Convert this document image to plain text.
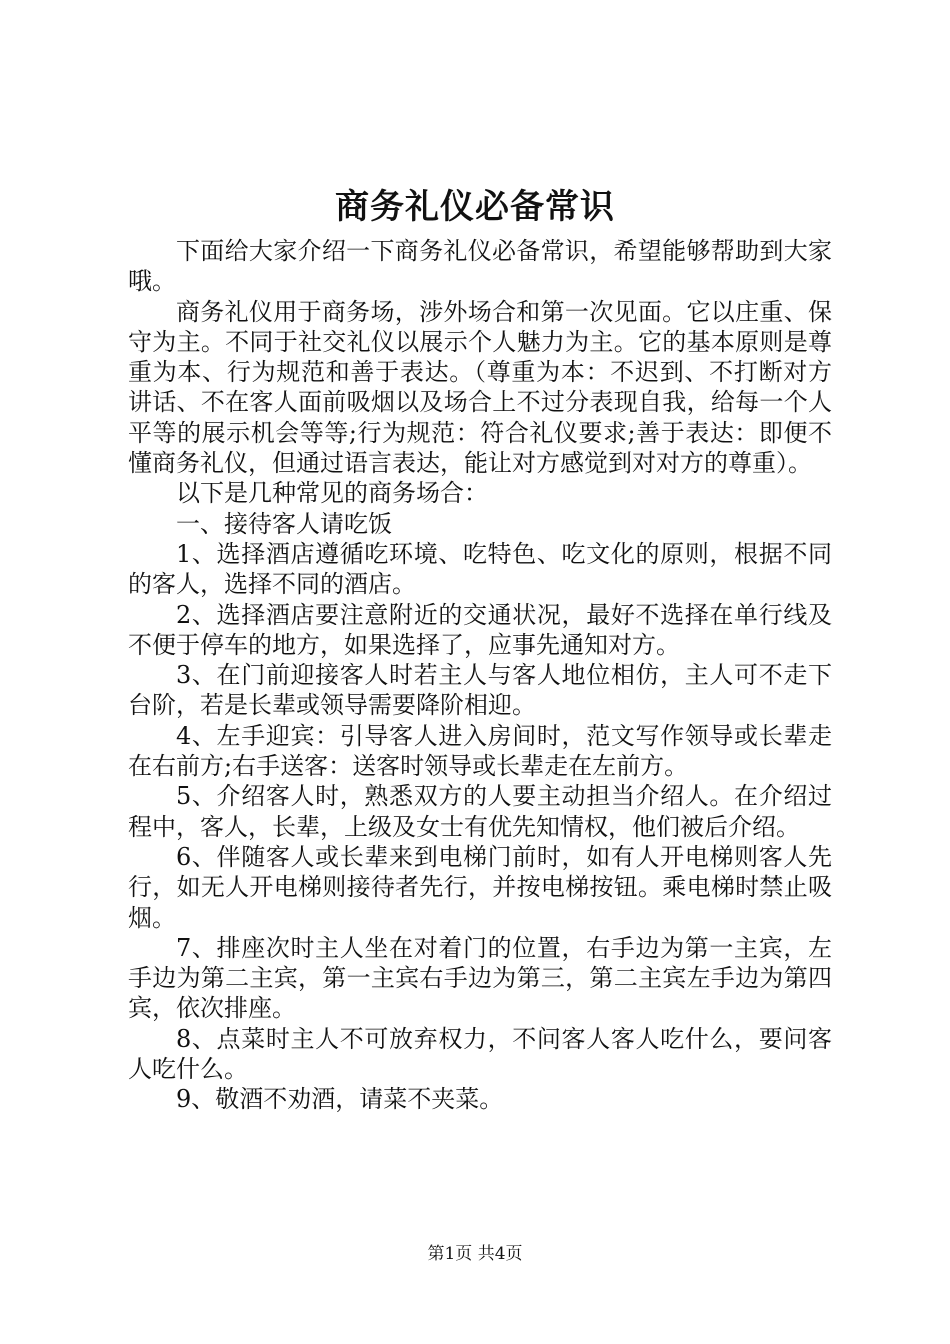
商务礼仪必备常识

下面给大家介绍一下商务礼仪必备常识，希望能够帮助到大家哦。

商务礼仪用于商务场，涉外场合和第一次见面。它以庄重、保守为主。不同于社交礼仪以展示个人魅力为主。它的基本原则是尊重为本、行为规范和善于表达。（尊重为本：不迟到、不打断对方讲话、不在客人面前吸烟以及场合上不过分表现自我，给每一个人平等的展示机会等等;行为规范：符合礼仪要求;善于表达：即便不懂商务礼仪，但通过语言表达，能让对方感觉到对对方的尊重）。

以下是几种常见的商务场合：

一、接待客人请吃饭

1、选择酒店遵循吃环境、吃特色、吃文化的原则，根据不同的客人，选择不同的酒店。

2、选择酒店要注意附近的交通状况，最好不选择在单行线及不便于停车的地方，如果选择了，应事先通知对方。

3、在门前迎接客人时若主人与客人地位相仿，主人可不走下台阶，若是长辈或领导需要降阶相迎。

4、左手迎宾：引导客人进入房间时，范文写作领导或长辈走在右前方;右手送客：送客时领导或长辈走在左前方。

5、介绍客人时，熟悉双方的人要主动担当介绍人。在介绍过程中，客人，长辈，上级及女士有优先知情权，他们被后介绍。

6、伴随客人或长辈来到电梯门前时，如有人开电梯则客人先行，如无人开电梯则接待者先行，并按电梯按钮。乘电梯时禁止吸烟。

7、排座次时主人坐在对着门的位置，右手边为第一主宾，左手边为第二主宾，第一主宾右手边为第三，第二主宾左手边为第四宾，依次排座。

8、点菜时主人不可放弃权力，不问客人客人吃什么，要问客人吃什么。

9、敬酒不劝酒，请菜不夹菜。

第1页 共4页
